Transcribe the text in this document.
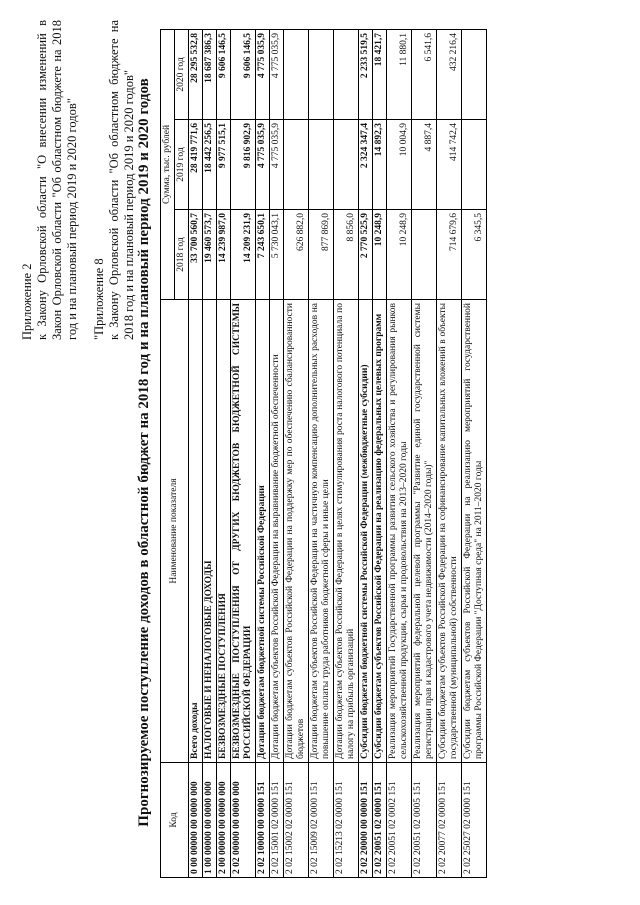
Приложение 2 к Закону Орловской области "О внесении изменений в Закон Орловской области "Об областном бюджете на 2018 год и на плановый период 2019 и 2020 годов" "Приложение 8 к Закону Орловской области "Об областном бюджете на 2018 год и на плановый период 2019 и 2020 годов" Прогнозируемое поступление доходов в областной бюджет на 2018 год и на плановый период 2019 и 2020 годов Код	Наименование показателя	Сумма, тыс. рублей		
		2018 год	2019 год	2020 год
0 00 00000 00 0000 000	Всего доходы	33 700 560,7	28 419 771,6	28 295 532,8
1 00 00000 00 0000 000	НАЛОГОВЫЕ И НЕНАЛОГОВЫЕ ДОХОДЫ	19 460 573,7	18 442 256,5	18 687 386,3
2 00 00000 00 0000 000	БЕЗВОЗМЕЗДНЫЕ ПОСТУПЛЕНИЯ	14 239 987,0	9 977 515,1	9 606 146,5
2 02 00000 00 0000 000	БЕЗВОЗМЕЗДНЫЕ ПОСТУПЛЕНИЯ ОТ ДРУГИХ БЮДЖЕТОВ БЮДЖЕТНОЙ СИСТЕМЫ РОССИЙСКОЙ ФЕДЕРАЦИИ	14 209 231,9	9 816 902,9	9 606 146,5
2 02 10000 00 0000 151	Дотации бюджетам бюджетной системы Российской Федерации	7 243 650,1	4 775 035,9	4 775 035,9
2 02 15001 02 0000 151	Дотации бюджетам субъектов Российской Федерации на выравнивание бюджетной обеспеченности	5 730 043,1	4 775 035,9	4 775 035,9
2 02 15002 02 0000 151	Дотации бюджетам субъектов Российской Федерации на поддержку мер по обеспечению сбалансированности бюджетов	626 882,0		
2 02 15009 02 0000 151	Дотации бюджетам субъектов Российской Федерации на частичную компенсацию дополнительных расходов на повышение оплаты труда работников бюджетной сферы и иные цели	877 869,0		
2 02 15213 02 0000 151	Дотации бюджетам субъектов Российской Федерации в целях стимулирования роста налогового потенциала по налогу на прибыль организаций	8 856,0		
2 02 20000 00 0000 151	Субсидии бюджетам бюджетной системы Российской Федерации (межбюджетные субсидии)	2 770 525,9	2 324 347,4	2 233 519,5
2 02 20051 02 0000 151	Субсидии бюджетам субъектов Российской Федерации на реализацию федеральных целевых программ	10 248,9	14 892,3	18 421,7
2 02 20051 02 0002 151	Реализация мероприятий Государственной программы развития сельского хозяйства и регулирования рынков сельскохозяйственной продукции, сырья и продовольствия на 2013–2020 годы	10 248,9	10 004,9	11 880,1
2 02 20051 02 0005 151	Реализация мероприятий федеральной целевой программы "Развитие единой государственной системы регистрации прав и кадастрового учета недвижимости (2014–2020 годы)"		4 887,4	6 541,6
2 02 20077 02 0000 151	Субсидии бюджетам субъектов Российской Федерации на софинансирование капитальных вложений в объекты государственной (муниципальной) собственности	714 679,6	414 742,4	432 216,4
2 02 25027 02 0000 151	Субсидии бюджетам субъектов Российской Федерации на реализацию мероприятий государственной программы Российской Федерации "Доступная среда" на 2011–2020 годы	6 345,5		
